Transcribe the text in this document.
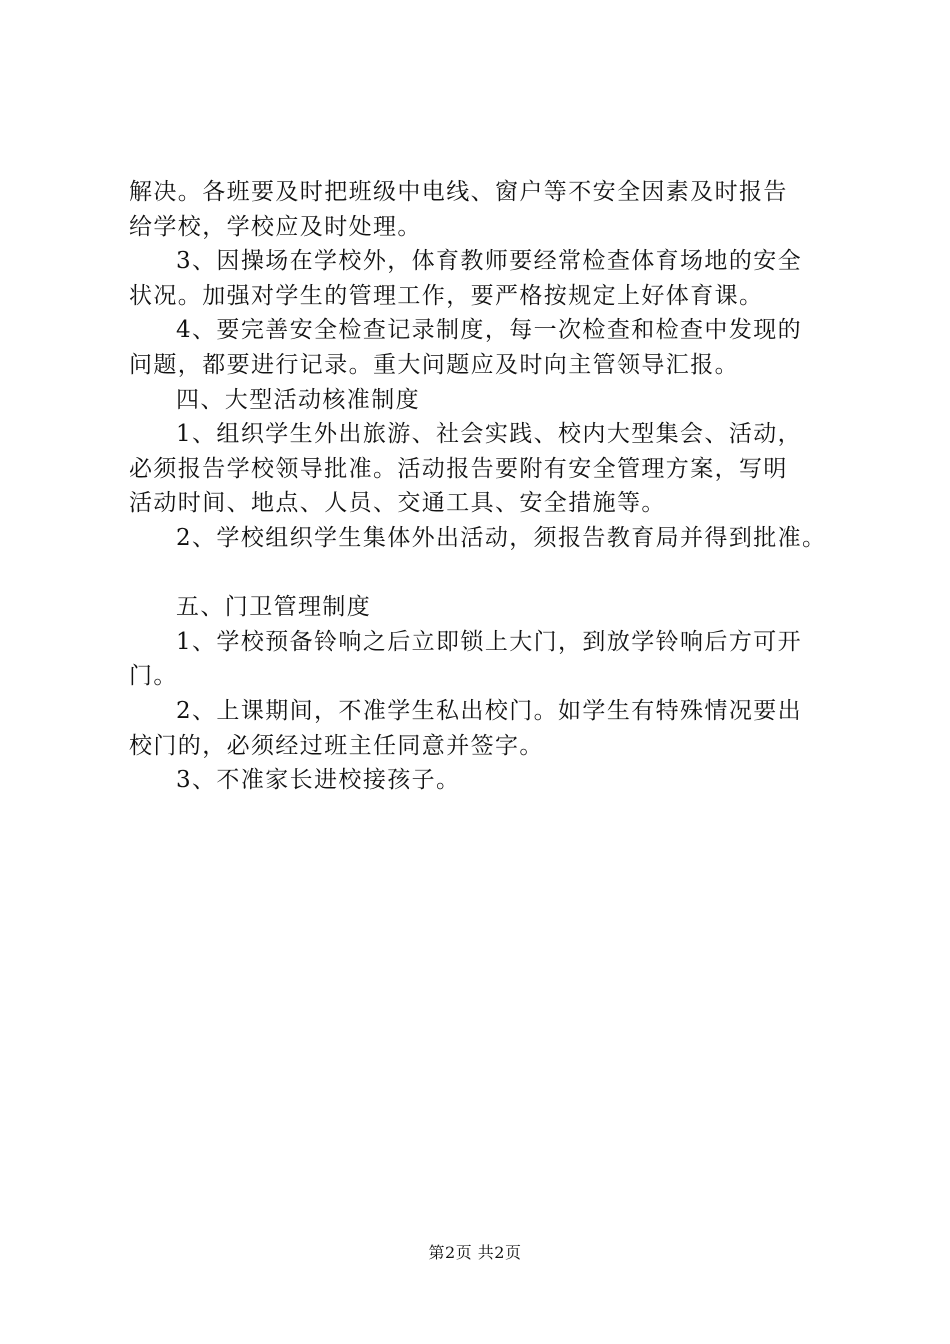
解决。各班要及时把班级中电线、窗户等不安全因素及时报告
给学校，学校应及时处理。
3、因操场在学校外，体育教师要经常检查体育场地的安全
状况。加强对学生的管理工作，要严格按规定上好体育课。
4、要完善安全检查记录制度，每一次检查和检查中发现的
问题，都要进行记录。重大问题应及时向主管领导汇报。
四、大型活动核准制度
1、组织学生外出旅游、社会实践、校内大型集会、活动，
必须报告学校领导批准。活动报告要附有安全管理方案，写明
活动时间、地点、人员、交通工具、安全措施等。
2、学校组织学生集体外出活动，须报告教育局并得到批准。
五、门卫管理制度
1、学校预备铃响之后立即锁上大门，到放学铃响后方可开
门。
2、上课期间，不准学生私出校门。如学生有特殊情况要出
校门的，必须经过班主任同意并签字。
3、不准家长进校接孩子。
第2页 共2页
